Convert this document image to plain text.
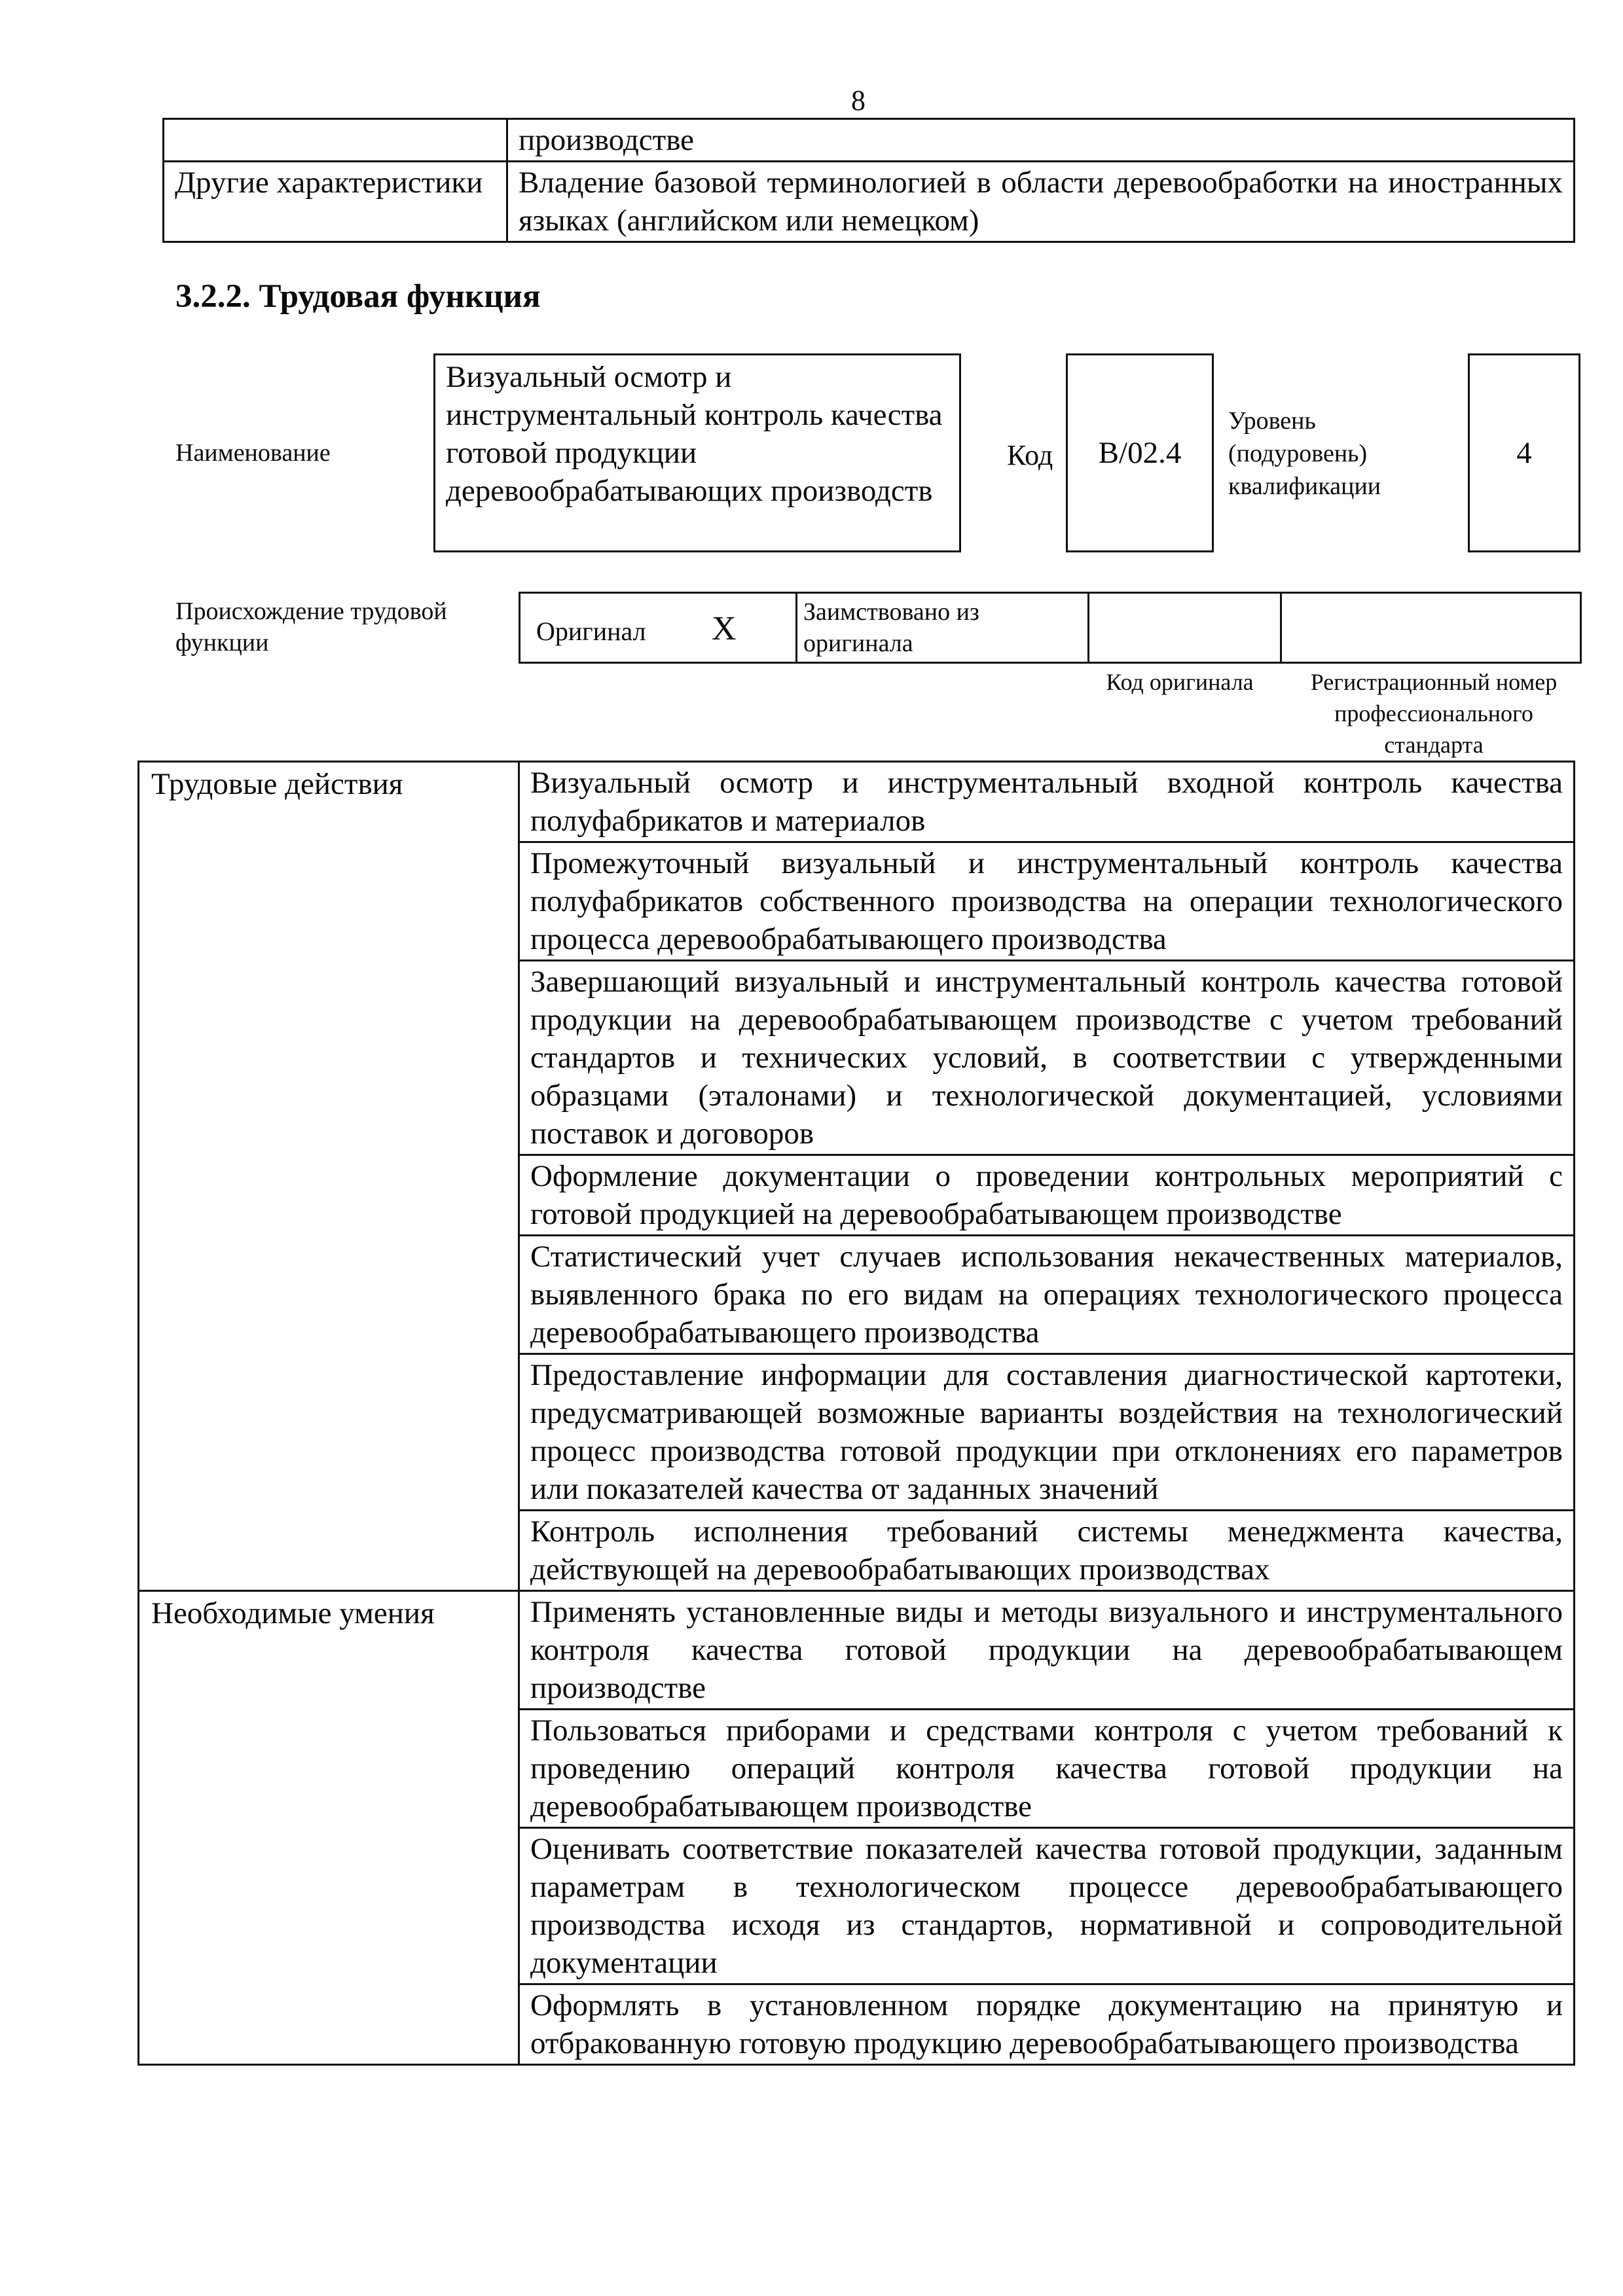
8
	производстве
Другие характеристики	Владение базовой терминологией в области деревообработки на иностранных языках (английском или немецком)
3.2.2. Трудовая функция
Наименование
Визуальный осмотр и инструментальный контроль качества готовой продукции деревообрабатывающих производств
Код B/02.4
Уровень (подуровень) квалификации
4
Происхождение трудовой функции	Оригинал X	Заимствовано из оригинала
Код оригинала	Регистрационный номер профессионального стандарта
Трудовые действия	Визуальный осмотр и инструментальный входной контроль качества полуфабрикатов и материалов
	Промежуточный визуальный и инструментальный контроль качества полуфабрикатов собственного производства на операции технологического процесса деревообрабатывающего производства
	Завершающий визуальный и инструментальный контроль качества готовой продукции на деревообрабатывающем производстве с учетом требований стандартов и технических условий, в соответствии с утвержденными образцами (эталонами) и технологической документацией, условиями поставок и договоров
	Оформление документации о проведении контрольных мероприятий с готовой продукцией на деревообрабатывающем производстве
	Статистический учет случаев использования некачественных материалов, выявленного брака по его видам на операциях технологического процесса деревообрабатывающего производства
	Предоставление информации для составления диагностической картотеки, предусматривающей возможные варианты воздействия на технологический процесс производства готовой продукции при отклонениях его параметров или показателей качества от заданных значений
	Контроль исполнения требований системы менеджмента качества, действующей на деревообрабатывающих производствах
Необходимые умения	Применять установленные виды и методы визуального и инструментального контроля качества готовой продукции на деревообрабатывающем производстве
	Пользоваться приборами и средствами контроля с учетом требований к проведению операций контроля качества готовой продукции на деревообрабатывающем производстве
	Оценивать соответствие показателей качества готовой продукции, заданным параметрам в технологическом процессе деревообрабатывающего производства исходя из стандартов, нормативной и сопроводительной документации
	Оформлять в установленном порядке документацию на принятую и отбракованную готовую продукцию деревообрабатывающего производства
